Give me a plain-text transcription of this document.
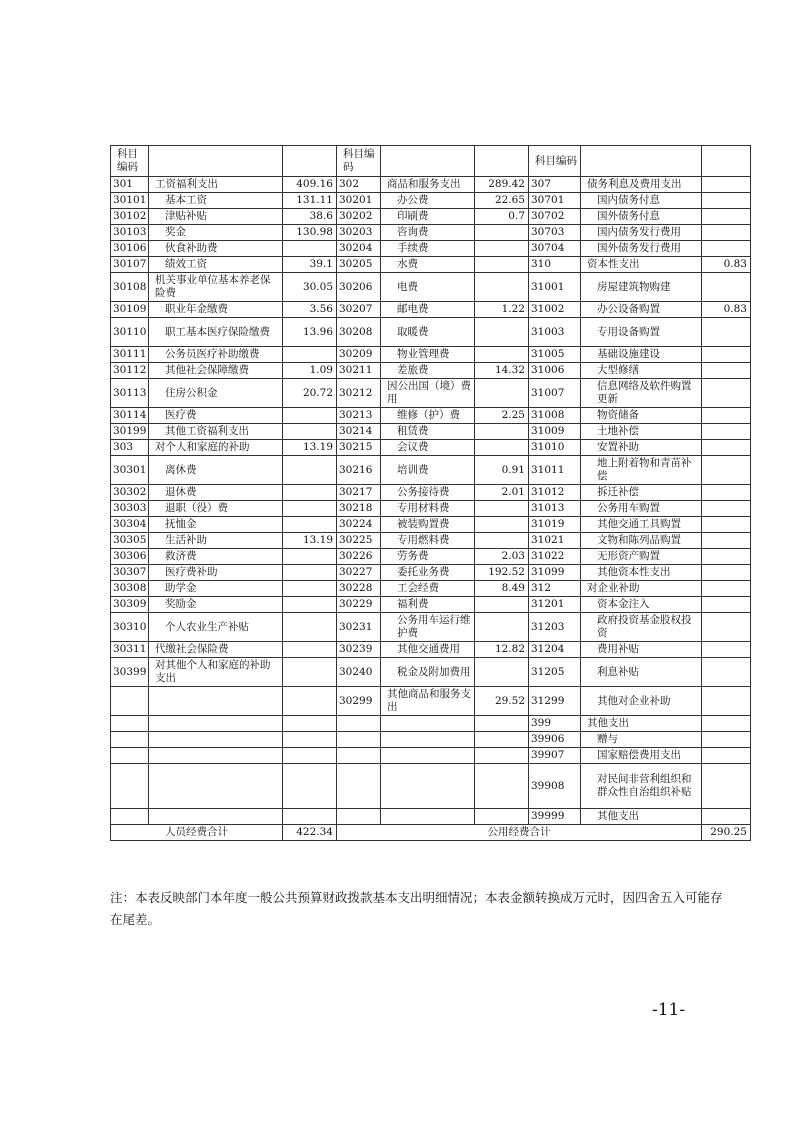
科目编码			科目编码			科目编码		
301	工资福利支出	409.16	302	商品和服务支出	289.42	307	债务利息及费用支出	
30101	基本工资	131.11	30201	办公费	22.65	30701	国内债务付息	
30102	津贴补贴	38.6	30202	印刷费	0.7	30702	国外债务付息	
30103	奖金	130.98	30203	咨询费		30703	国内债务发行费用	
30106	伙食补助费		30204	手续费		30704	国外债务发行费用	
30107	绩效工资	39.1	30205	水费		310	资本性支出	0.83
30108	机关事业单位基本养老保险费	30.05	30206	电费		31001	房屋建筑物购建	
30109	职业年金缴费	3.56	30207	邮电费	1.22	31002	办公设备购置	0.83
30110	职工基本医疗保险缴费	13.96	30208	取暖费		31003	专用设备购置	
30111	公务员医疗补助缴费		30209	物业管理费		31005	基础设施建设	
30112	其他社会保障缴费	1.09	30211	差旅费	14.32	31006	大型修缮	
30113	住房公积金	20.72	30212	因公出国（境）费用		31007	信息网络及软件购置更新	
30114	医疗费		30213	维修（护）费	2.25	31008	物资储备	
30199	其他工资福利支出		30214	租赁费		31009	土地补偿	
303	对个人和家庭的补助	13.19	30215	会议费		31010	安置补助	
30301	离休费		30216	培训费	0.91	31011	地上附着物和青苗补偿	
30302	退休费		30217	公务接待费	2.01	31012	拆迁补偿	
30303	退职（役）费		30218	专用材料费		31013	公务用车购置	
30304	抚恤金		30224	被装购置费		31019	其他交通工具购置	
30305	生活补助	13.19	30225	专用燃料费		31021	文物和陈列品购置	
30306	救济费		30226	劳务费	2.03	31022	无形资产购置	
30307	医疗费补助		30227	委托业务费	192.52	31099	其他资本性支出	
30308	助学金		30228	工会经费	8.49	312	对企业补助	
30309	奖励金		30229	福利费		31201	资本金注入	
30310	个人农业生产补贴		30231	公务用车运行维护费		31203	政府投资基金股权投资	
30311	代缴社会保险费		30239	其他交通费用	12.82	31204	费用补贴	
30399	对其他个人和家庭的补助支出		30240	税金及附加费用		31205	利息补贴	
			30299	其他商品和服务支出	29.52	31299	其他对企业补助	
						399	其他支出	
						39906	赠与	
						39907	国家赔偿费用支出	
						39908	对民间非营利组织和群众性自治组织补贴	
						39999	其他支出	
人员经费合计		422.34	公用经费合计					290.25
注：本表反映部门本年度一般公共预算财政拨款基本支出明细情况；本表金额转换成万元时，因四舍五入可能存在尾差。
-11-
